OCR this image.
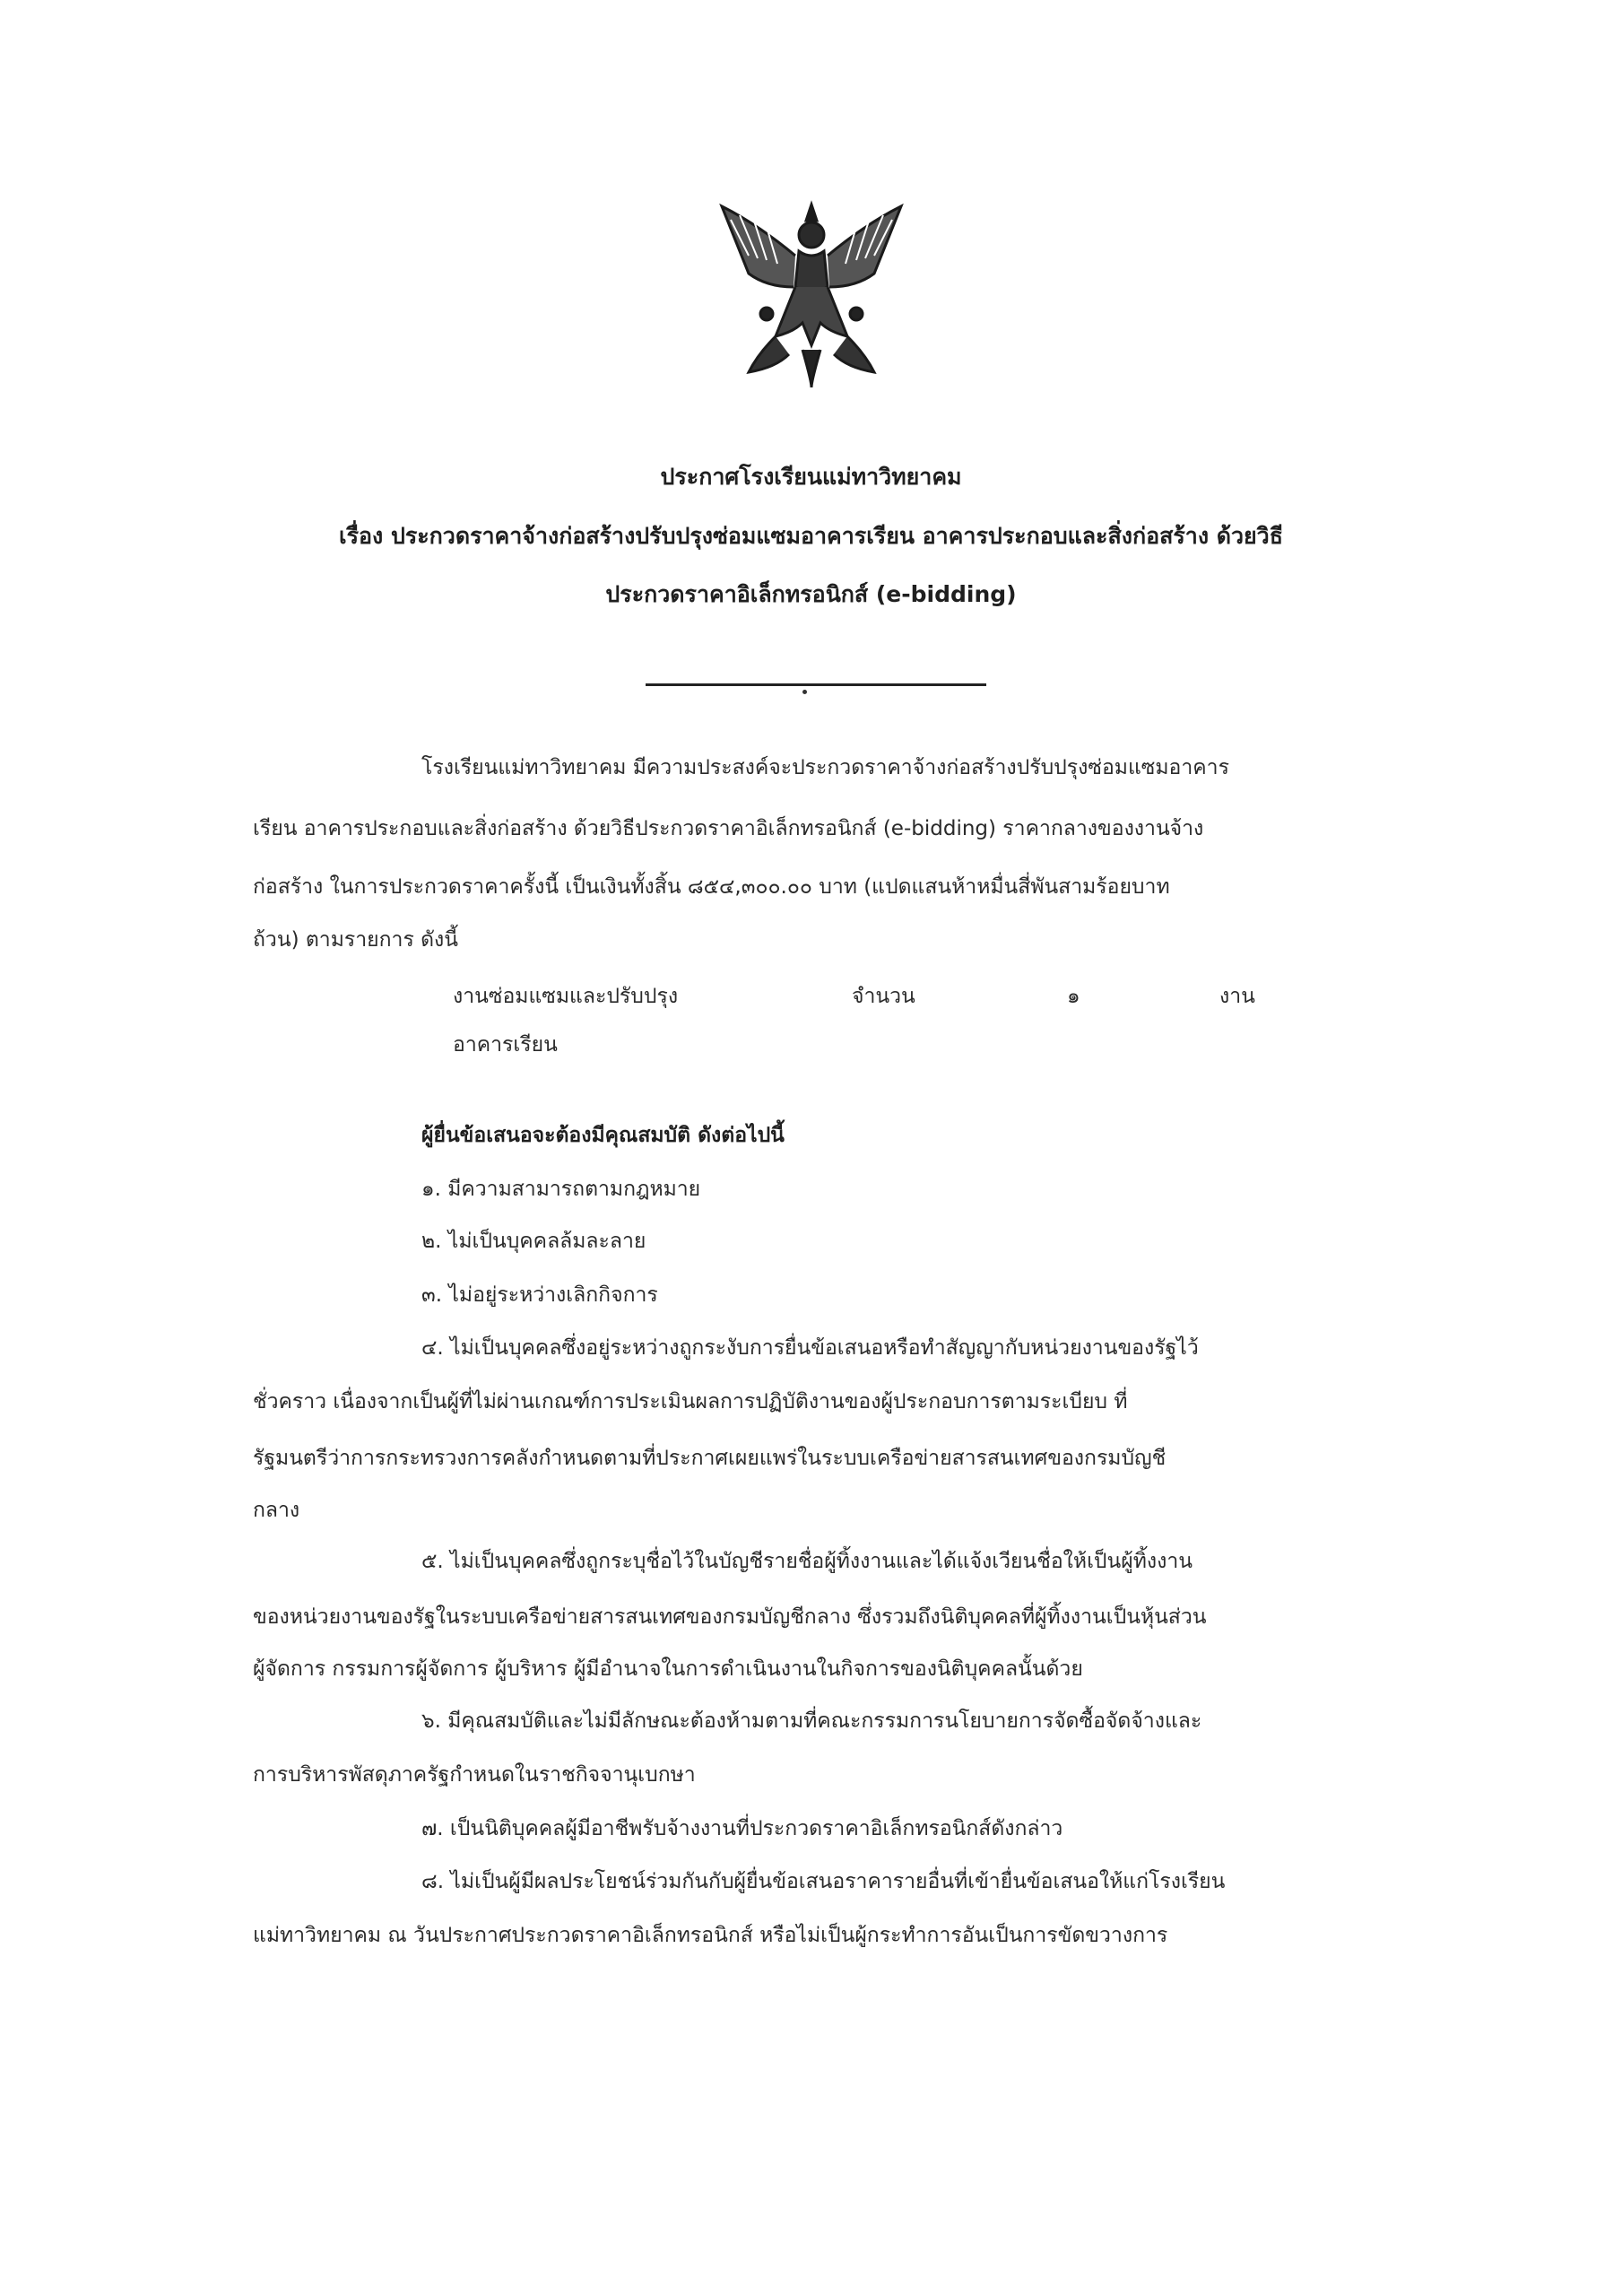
ประกาศโรงเรียนแม่ทาวิทยาคม
เรื่อง ประกวดราคาจ้างก่อสร้างปรับปรุงซ่อมแซมอาคารเรียน อาคารประกอบและสิ่งก่อสร้าง ด้วยวิธี
ประกวดราคาอิเล็กทรอนิกส์ (e-bidding)
โรงเรียนแม่ทาวิทยาคม มีความประสงค์จะประกวดราคาจ้างก่อสร้างปรับปรุงซ่อมแซมอาคาร
เรียน อาคารประกอบและสิ่งก่อสร้าง ด้วยวิธีประกวดราคาอิเล็กทรอนิกส์ (e-bidding) ราคากลางของงานจ้าง
ก่อสร้าง ในการประกวดราคาครั้งนี้ เป็นเงินทั้งสิ้น ๘๕๔,๓๐๐.๐๐ บาท (แปดแสนห้าหมื่นสี่พันสามร้อยบาท
ถ้วน) ตามรายการ ดังนี้
งานซ่อมแซมและปรับปรุง
อาคารเรียน
จำนวน	๑	งาน
ผู้ยื่นข้อเสนอจะต้องมีคุณสมบัติ ดังต่อไปนี้
๑. มีความสามารถตามกฎหมาย
๒. ไม่เป็นบุคคลล้มละลาย
๓. ไม่อยู่ระหว่างเลิกกิจการ
๔. ไม่เป็นบุคคลซึ่งอยู่ระหว่างถูกระงับการยื่นข้อเสนอหรือทำสัญญากับหน่วยงานของรัฐไว้
ชั่วคราว เนื่องจากเป็นผู้ที่ไม่ผ่านเกณฑ์การประเมินผลการปฏิบัติงานของผู้ประกอบการตามระเบียบ ที่
รัฐมนตรีว่าการกระทรวงการคลังกำหนดตามที่ประกาศเผยแพร่ในระบบเครือข่ายสารสนเทศของกรมบัญชี
กลาง
๕. ไม่เป็นบุคคลซึ่งถูกระบุชื่อไว้ในบัญชีรายชื่อผู้ทิ้งงานและได้แจ้งเวียนชื่อให้เป็นผู้ทิ้งงาน
ของหน่วยงานของรัฐในระบบเครือข่ายสารสนเทศของกรมบัญชีกลาง ซึ่งรวมถึงนิติบุคคลที่ผู้ทิ้งงานเป็นหุ้นส่วน
ผู้จัดการ กรรมการผู้จัดการ ผู้บริหาร ผู้มีอำนาจในการดำเนินงานในกิจการของนิติบุคคลนั้นด้วย
๖. มีคุณสมบัติและไม่มีลักษณะต้องห้ามตามที่คณะกรรมการนโยบายการจัดซื้อจัดจ้างและ
การบริหารพัสดุภาครัฐกำหนดในราชกิจจานุเบกษา
๗. เป็นนิติบุคคลผู้มีอาชีพรับจ้างงานที่ประกวดราคาอิเล็กทรอนิกส์ดังกล่าว
๘. ไม่เป็นผู้มีผลประโยชน์ร่วมกันกับผู้ยื่นข้อเสนอราคารายอื่นที่เข้ายื่นข้อเสนอให้แก่โรงเรียน
แม่ทาวิทยาคม ณ วันประกาศประกวดราคาอิเล็กทรอนิกส์ หรือไม่เป็นผู้กระทำการอันเป็นการขัดขวางการ
